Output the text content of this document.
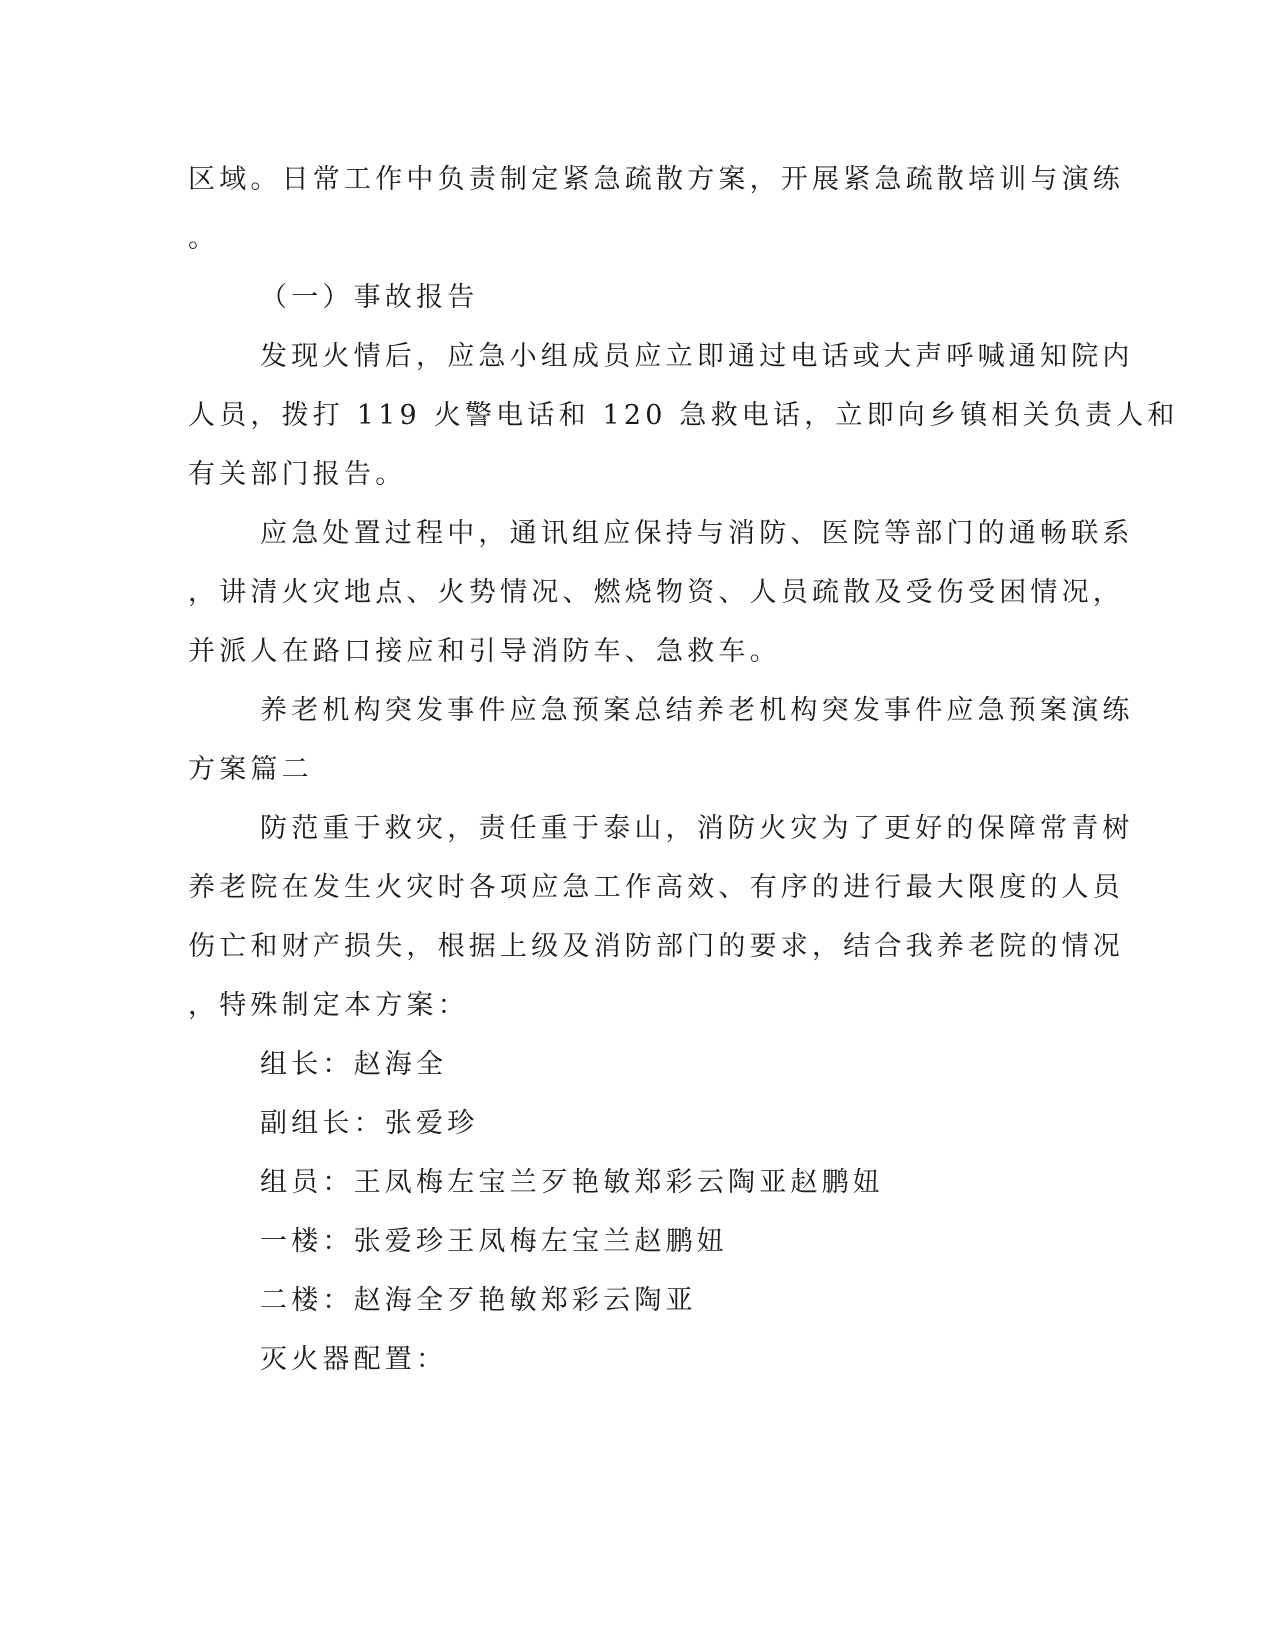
区域。日常工作中负责制定紧急疏散方案，开展紧急疏散培训与演练
。
（一）事故报告
发现火情后，应急小组成员应立即通过电话或大声呼喊通知院内
人员，拨打 119 火警电话和 120 急救电话，立即向乡镇相关负责人和
有关部门报告。
应急处置过程中，通讯组应保持与消防、医院等部门的通畅联系
，讲清火灾地点、火势情况、燃烧物资、人员疏散及受伤受困情况，
并派人在路口接应和引导消防车、急救车。
养老机构突发事件应急预案总结养老机构突发事件应急预案演练
方案篇二
防范重于救灾，责任重于泰山，消防火灾为了更好的保障常青树
养老院在发生火灾时各项应急工作高效、有序的进行最大限度的人员
伤亡和财产损失，根据上级及消防部门的要求，结合我养老院的情况
，特殊制定本方案：
组长：赵海全
副组长：张爱珍
组员：王凤梅左宝兰歹艳敏郑彩云陶亚赵鹏妞
一楼：张爱珍王凤梅左宝兰赵鹏妞
二楼：赵海全歹艳敏郑彩云陶亚
灭火器配置：
